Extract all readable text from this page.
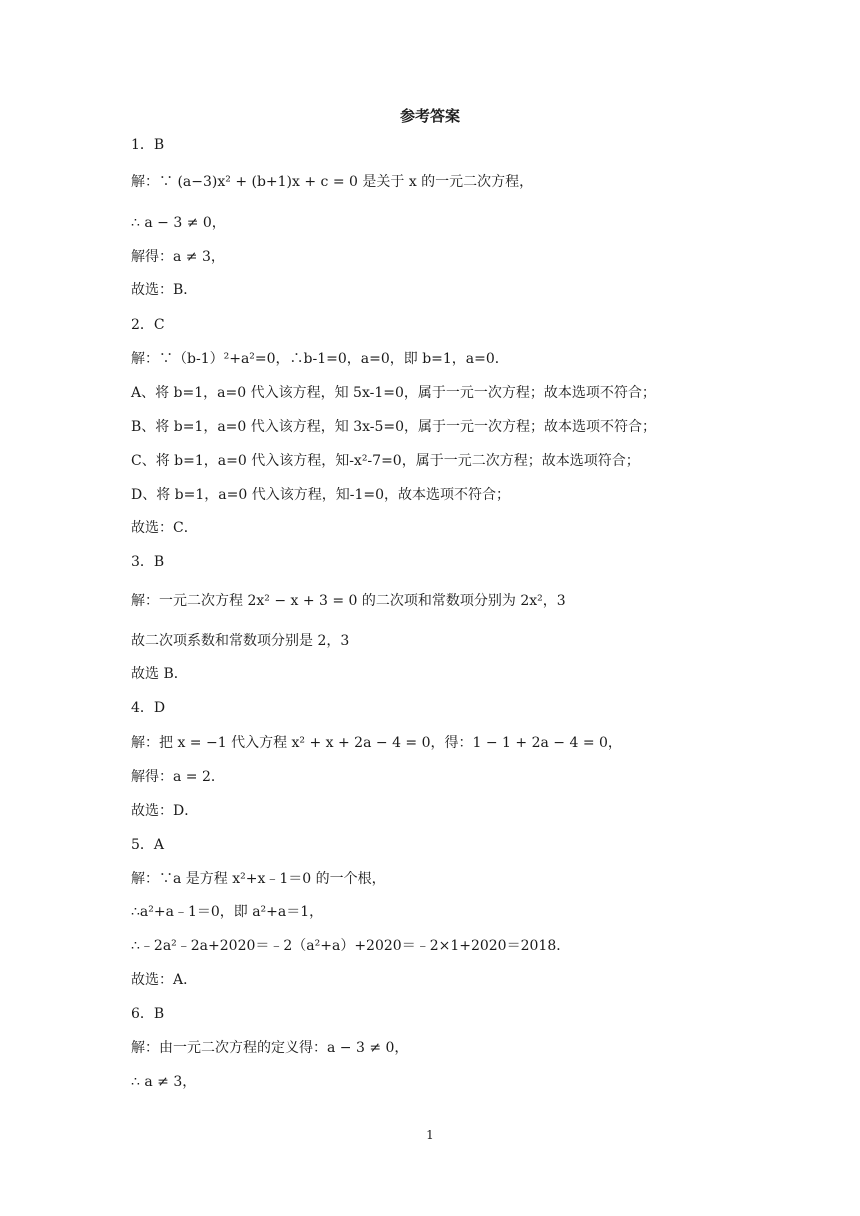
参考答案
1．B
解：∵ (a−3)x² + (b+1)x + c = 0 是关于 x 的一元二次方程，
∴ a − 3 ≠ 0，
解得：a ≠ 3，
故选：B．
2．C
解：∵（b-1）²+a²=0，∴b-1=0，a=0，即 b=1，a=0．
A、将 b=1，a=0 代入该方程，知 5x-1=0，属于一元一次方程；故本选项不符合；
B、将 b=1，a=0 代入该方程，知 3x-5=0，属于一元一次方程；故本选项不符合；
C、将 b=1，a=0 代入该方程，知-x²-7=0，属于一元二次方程；故本选项符合；
D、将 b=1，a=0 代入该方程，知-1=0，故本选项不符合；
故选：C．
3．B
解：一元二次方程 2x² − x + 3 = 0 的二次项和常数项分别为 2x²，3
故二次项系数和常数项分别是 2，3
故选 B．
4．D
解：把 x = −1 代入方程 x² + x + 2a − 4 = 0，得：1 − 1 + 2a − 4 = 0，
解得：a = 2．
故选：D．
5．A
解：∵a 是方程 x²+x﹣1＝0 的一个根，
∴a²+a﹣1＝0，即 a²+a＝1，
∴﹣2a²﹣2a+2020＝﹣2（a²+a）+2020＝﹣2×1+2020＝2018．
故选：A．
6．B
解：由一元二次方程的定义得：a − 3 ≠ 0，
∴ a ≠ 3，
1
